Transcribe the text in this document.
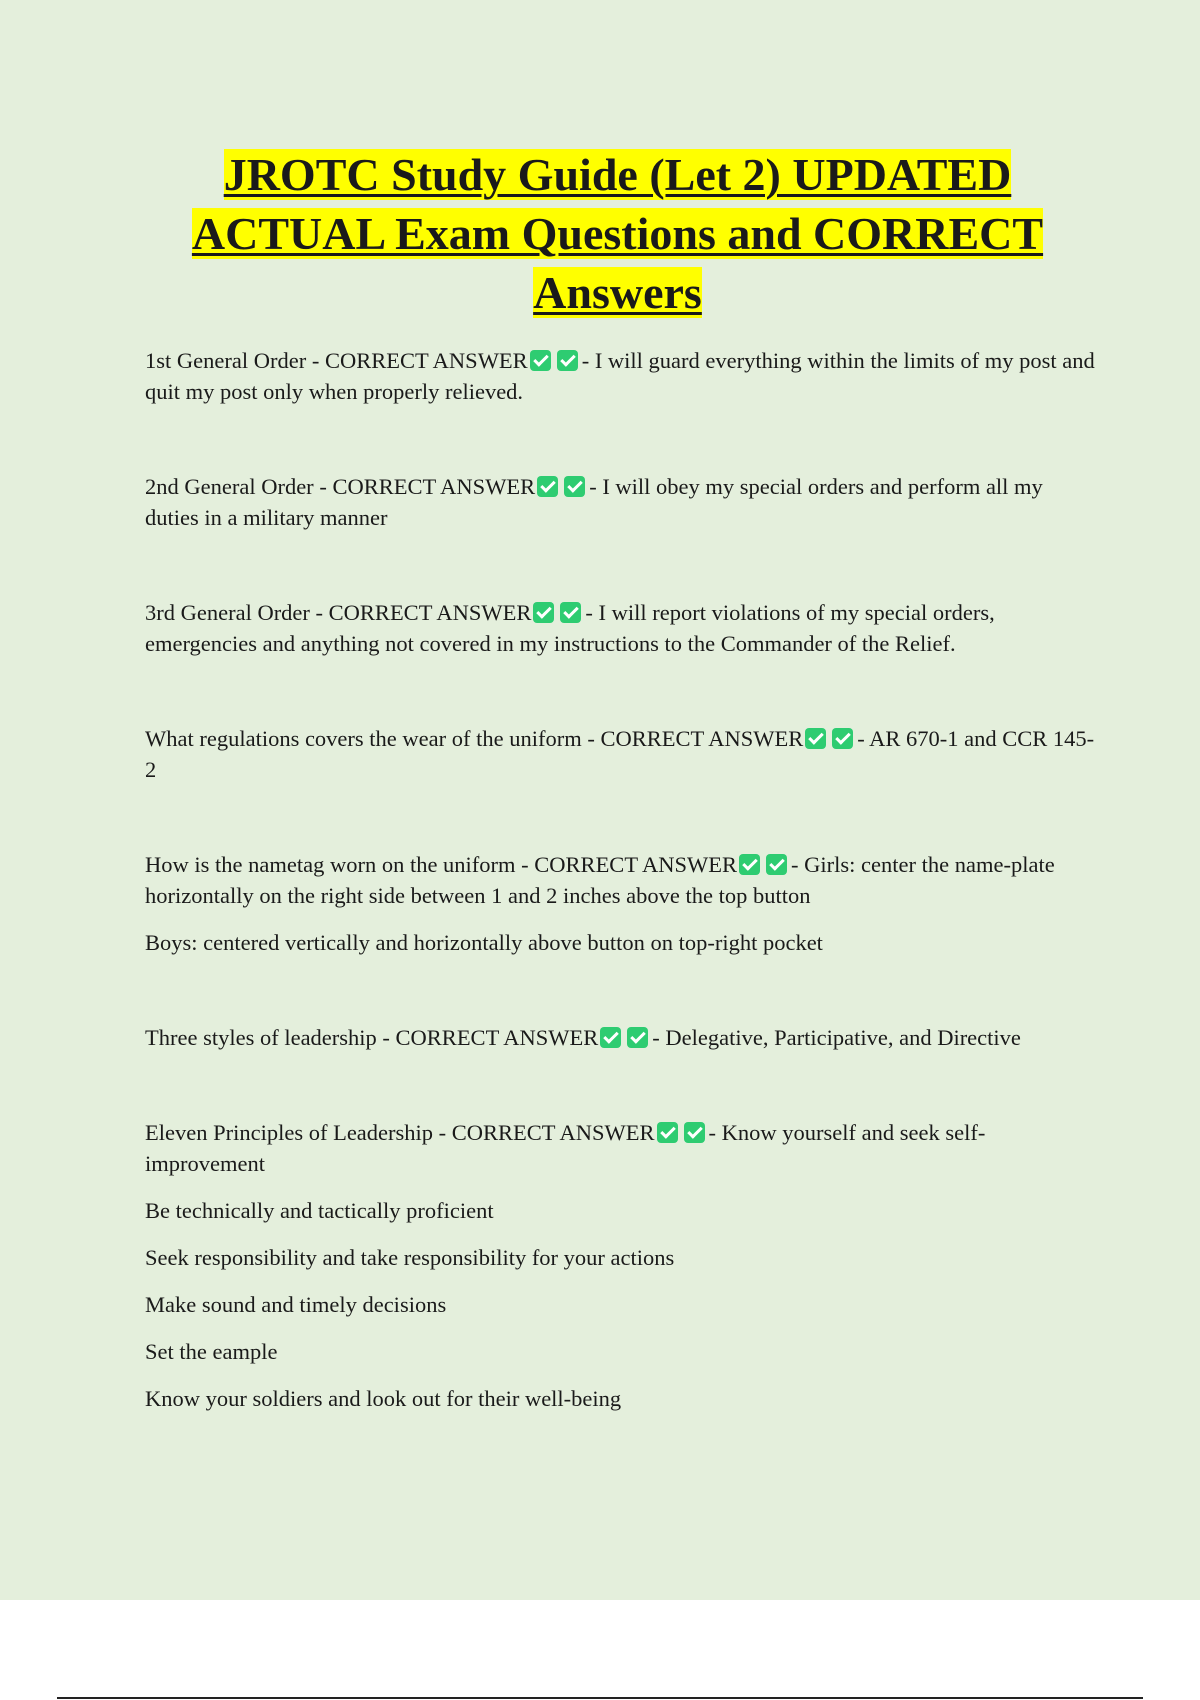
JROTC Study Guide (Let 2) UPDATED ACTUAL Exam Questions and CORRECT Answers

1st General Order - CORRECT ANSWER - I will guard everything within the limits of my post and quit my post only when properly relieved.

2nd General Order - CORRECT ANSWER - I will obey my special orders and perform all my duties in a military manner

3rd General Order - CORRECT ANSWER - I will report violations of my special orders, emergencies and anything not covered in my instructions to the Commander of the Relief.

What regulations covers the wear of the uniform - CORRECT ANSWER - AR 670-1 and CCR 145-2

How is the nametag worn on the uniform - CORRECT ANSWER - Girls: center the name-plate horizontally on the right side between 1 and 2 inches above the top button

Boys: centered vertically and horizontally above button on top-right pocket

Three styles of leadership - CORRECT ANSWER - Delegative, Participative, and Directive

Eleven Principles of Leadership - CORRECT ANSWER - Know yourself and seek self-improvement

Be technically and tactically proficient

Seek responsibility and take responsibility for your actions

Make sound and timely decisions

Set the eample

Know your soldiers and look out for their well-being
